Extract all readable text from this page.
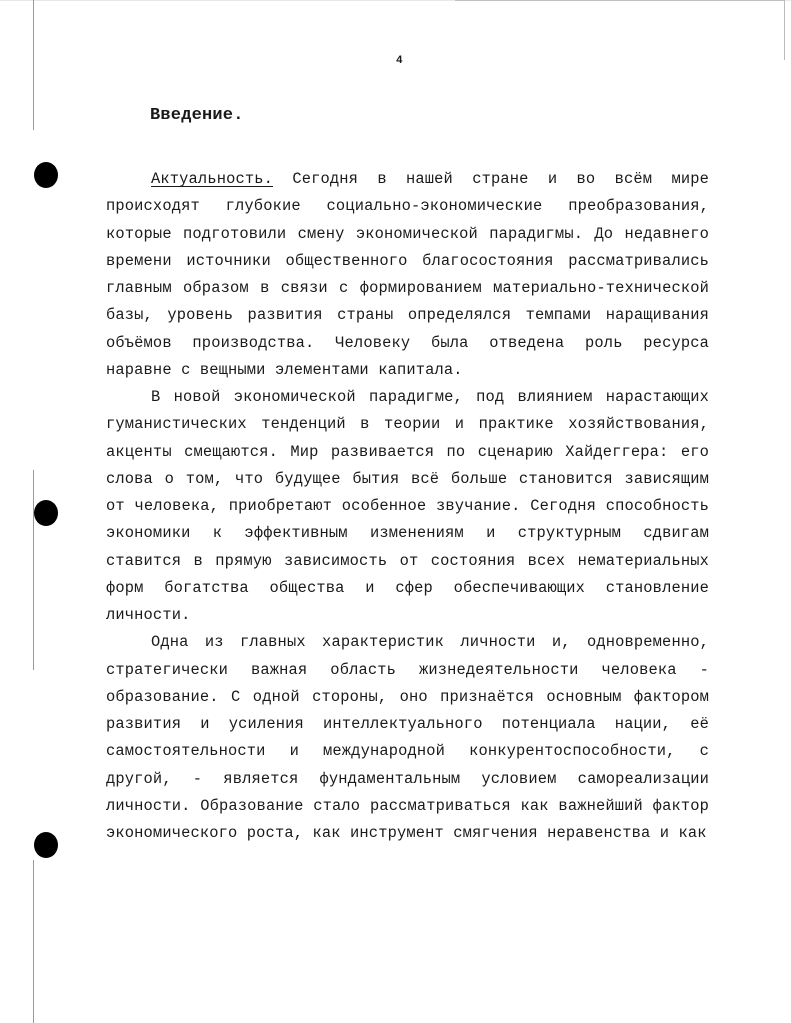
4
Введение.

Актуальность. Сегодня в нашей стране и во всём мире происходят глубокие социально-экономические преобразования, которые подготовили смену экономической парадигмы. До недавнего времени источники общественного благосостояния рассматривались главным образом в связи с формированием материально-технической базы, уровень развития страны определялся темпами наращивания объёмов производства. Человеку была отведена роль ресурса наравне с вещными элементами капитала.

В новой экономической парадигме, под влиянием нарастающих гуманистических тенденций в теории и практике хозяйствования, акценты смещаются. Мир развивается по сценарию Хайдеггера: его слова о том, что будущее бытия всё больше становится зависящим от человека, приобретают особенное звучание. Сегодня способность экономики к эффективным изменениям и структурным сдвигам ставится в прямую зависимость от состояния всех нематериальных форм богатства общества и сфер обеспечивающих становление личности.

Одна из главных характеристик личности и, одновременно, стратегически важная область жизнедеятельности человека - образование. С одной стороны, оно признаётся основным фактором развития и усиления интеллектуального потенциала нации, её самостоятельности и международной конкурентоспособности, с другой, - является фундаментальным условием самореализации личности. Образование стало рассматриваться как важнейший фактор экономического роста, как инструмент смягчения неравенства и как
